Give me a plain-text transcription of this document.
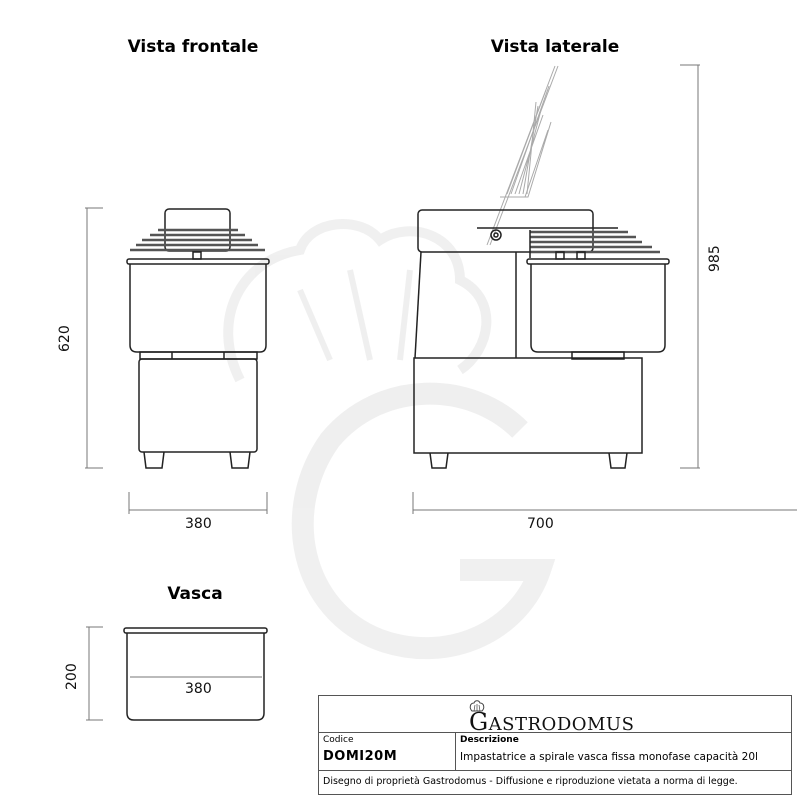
Vista frontale	Vista laterale
Vasca
620
380
985
700
200	380
GASTRODOMUS
Codice
DOMI20M
Descrizione
Impastatrice a spirale vasca fissa monofase capacità 20l
Disegno di proprietà Gastrodomus - Diffusione e riproduzione vietata a norma di legge.
